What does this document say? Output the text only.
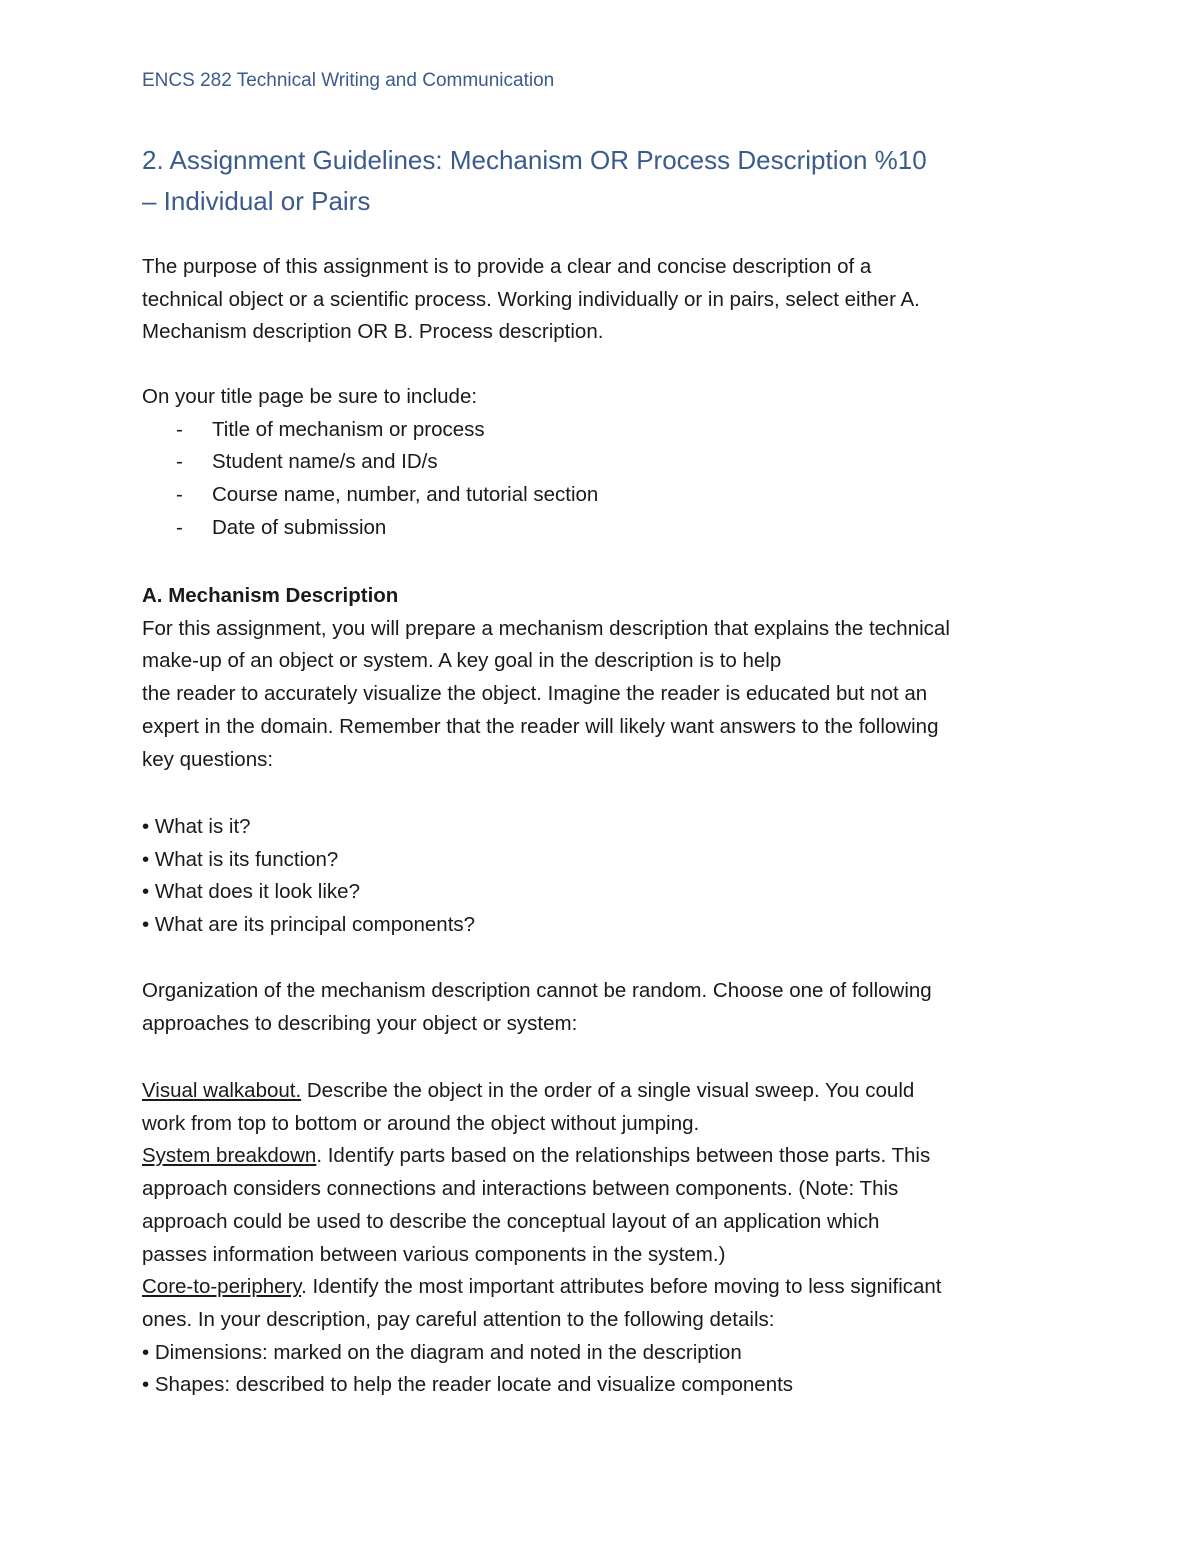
ENCS 282 Technical Writing and Communication
2. Assignment Guidelines: Mechanism OR Process Description %10
– Individual or Pairs

The purpose of this assignment is to provide a clear and concise description of a

technical object or a scientific process. Working individually or in pairs, select either A.

Mechanism description OR B. Process description.

On your title page be sure to include:

- Title of mechanism or process
- Student name/s and ID/s
- Course name, number, and tutorial section
- Date of submission

A. Mechanism Description

For this assignment, you will prepare a mechanism description that explains the technical

make-up of an object or system. A key goal in the description is to help

the reader to accurately visualize the object. Imagine the reader is educated but not an

expert in the domain. Remember that the reader will likely want answers to the following

key questions:

• What is it?

• What is its function?

• What does it look like?

• What are its principal components?

Organization of the mechanism description cannot be random. Choose one of following

approaches to describing your object or system:

Visual walkabout. Describe the object in the order of a single visual sweep. You could

work from top to bottom or around the object without jumping.

System breakdown. Identify parts based on the relationships between those parts. This

approach considers connections and interactions between components. (Note: This

approach could be used to describe the conceptual layout of an application which

passes information between various components in the system.)

Core-to-periphery. Identify the most important attributes before moving to less significant

ones. In your description, pay careful attention to the following details:

• Dimensions: marked on the diagram and noted in the description

• Shapes: described to help the reader locate and visualize components
